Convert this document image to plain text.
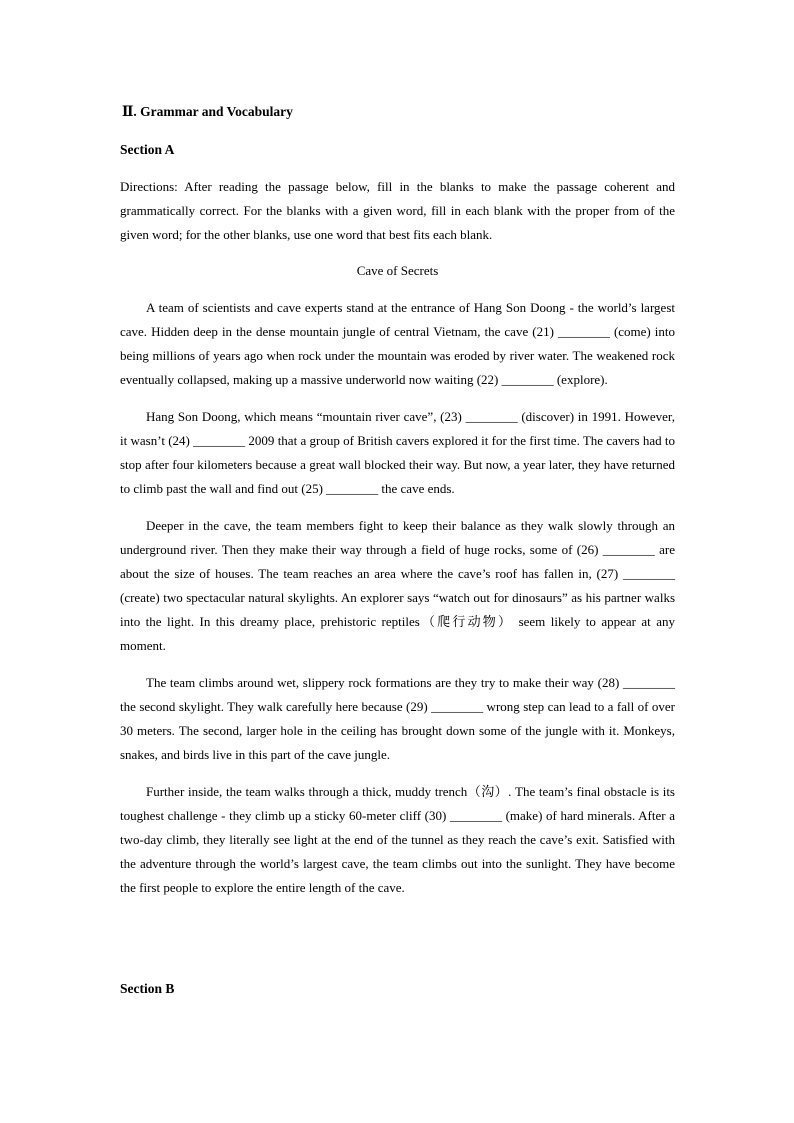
Ⅱ. Grammar and Vocabulary

Section A

Directions: After reading the passage below, fill in the blanks to make the passage coherent and grammatically correct. For the blanks with a given word, fill in each blank with the proper from of the given word; for the other blanks, use one word that best fits each blank.

Cave of Secrets

A team of scientists and cave experts stand at the entrance of Hang Son Doong - the world’s largest cave. Hidden deep in the dense mountain jungle of central Vietnam, the cave (21) ________ (come) into being millions of years ago when rock under the mountain was eroded by river water. The weakened rock eventually collapsed, making up a massive underworld now waiting (22) ________ (explore).

Hang Son Doong, which means “mountain river cave”, (23) ________ (discover) in 1991. However, it wasn’t (24) ________ 2009 that a group of British cavers explored it for the first time. The cavers had to stop after four kilometers because a great wall blocked their way. But now, a year later, they have returned to climb past the wall and find out (25) ________ the cave ends.

Deeper in the cave, the team members fight to keep their balance as they walk slowly through an underground river. Then they make their way through a field of huge rocks, some of (26) ________ are about the size of houses. The team reaches an area where the cave’s roof has fallen in, (27) ________ (create) two spectacular natural skylights. An explorer says “watch out for dinosaurs” as his partner walks into the light. In this dreamy place, prehistoric reptiles（爬行动物） seem likely to appear at any moment.

The team climbs around wet, slippery rock formations are they try to make their way (28) ________ the second skylight. They walk carefully here because (29) ________ wrong step can lead to a fall of over 30 meters. The second, larger hole in the ceiling has brought down some of the jungle with it. Monkeys, snakes, and birds live in this part of the cave jungle.

Further inside, the team walks through a thick, muddy trench（沟）. The team’s final obstacle is its toughest challenge - they climb up a sticky 60-meter cliff (30) ________ (make) of hard minerals. After a two-day climb, they literally see light at the end of the tunnel as they reach the cave’s exit. Satisfied with the adventure through the world’s largest cave, the team climbs out into the sunlight. They have become the first people to explore the entire length of the cave.

Section B
